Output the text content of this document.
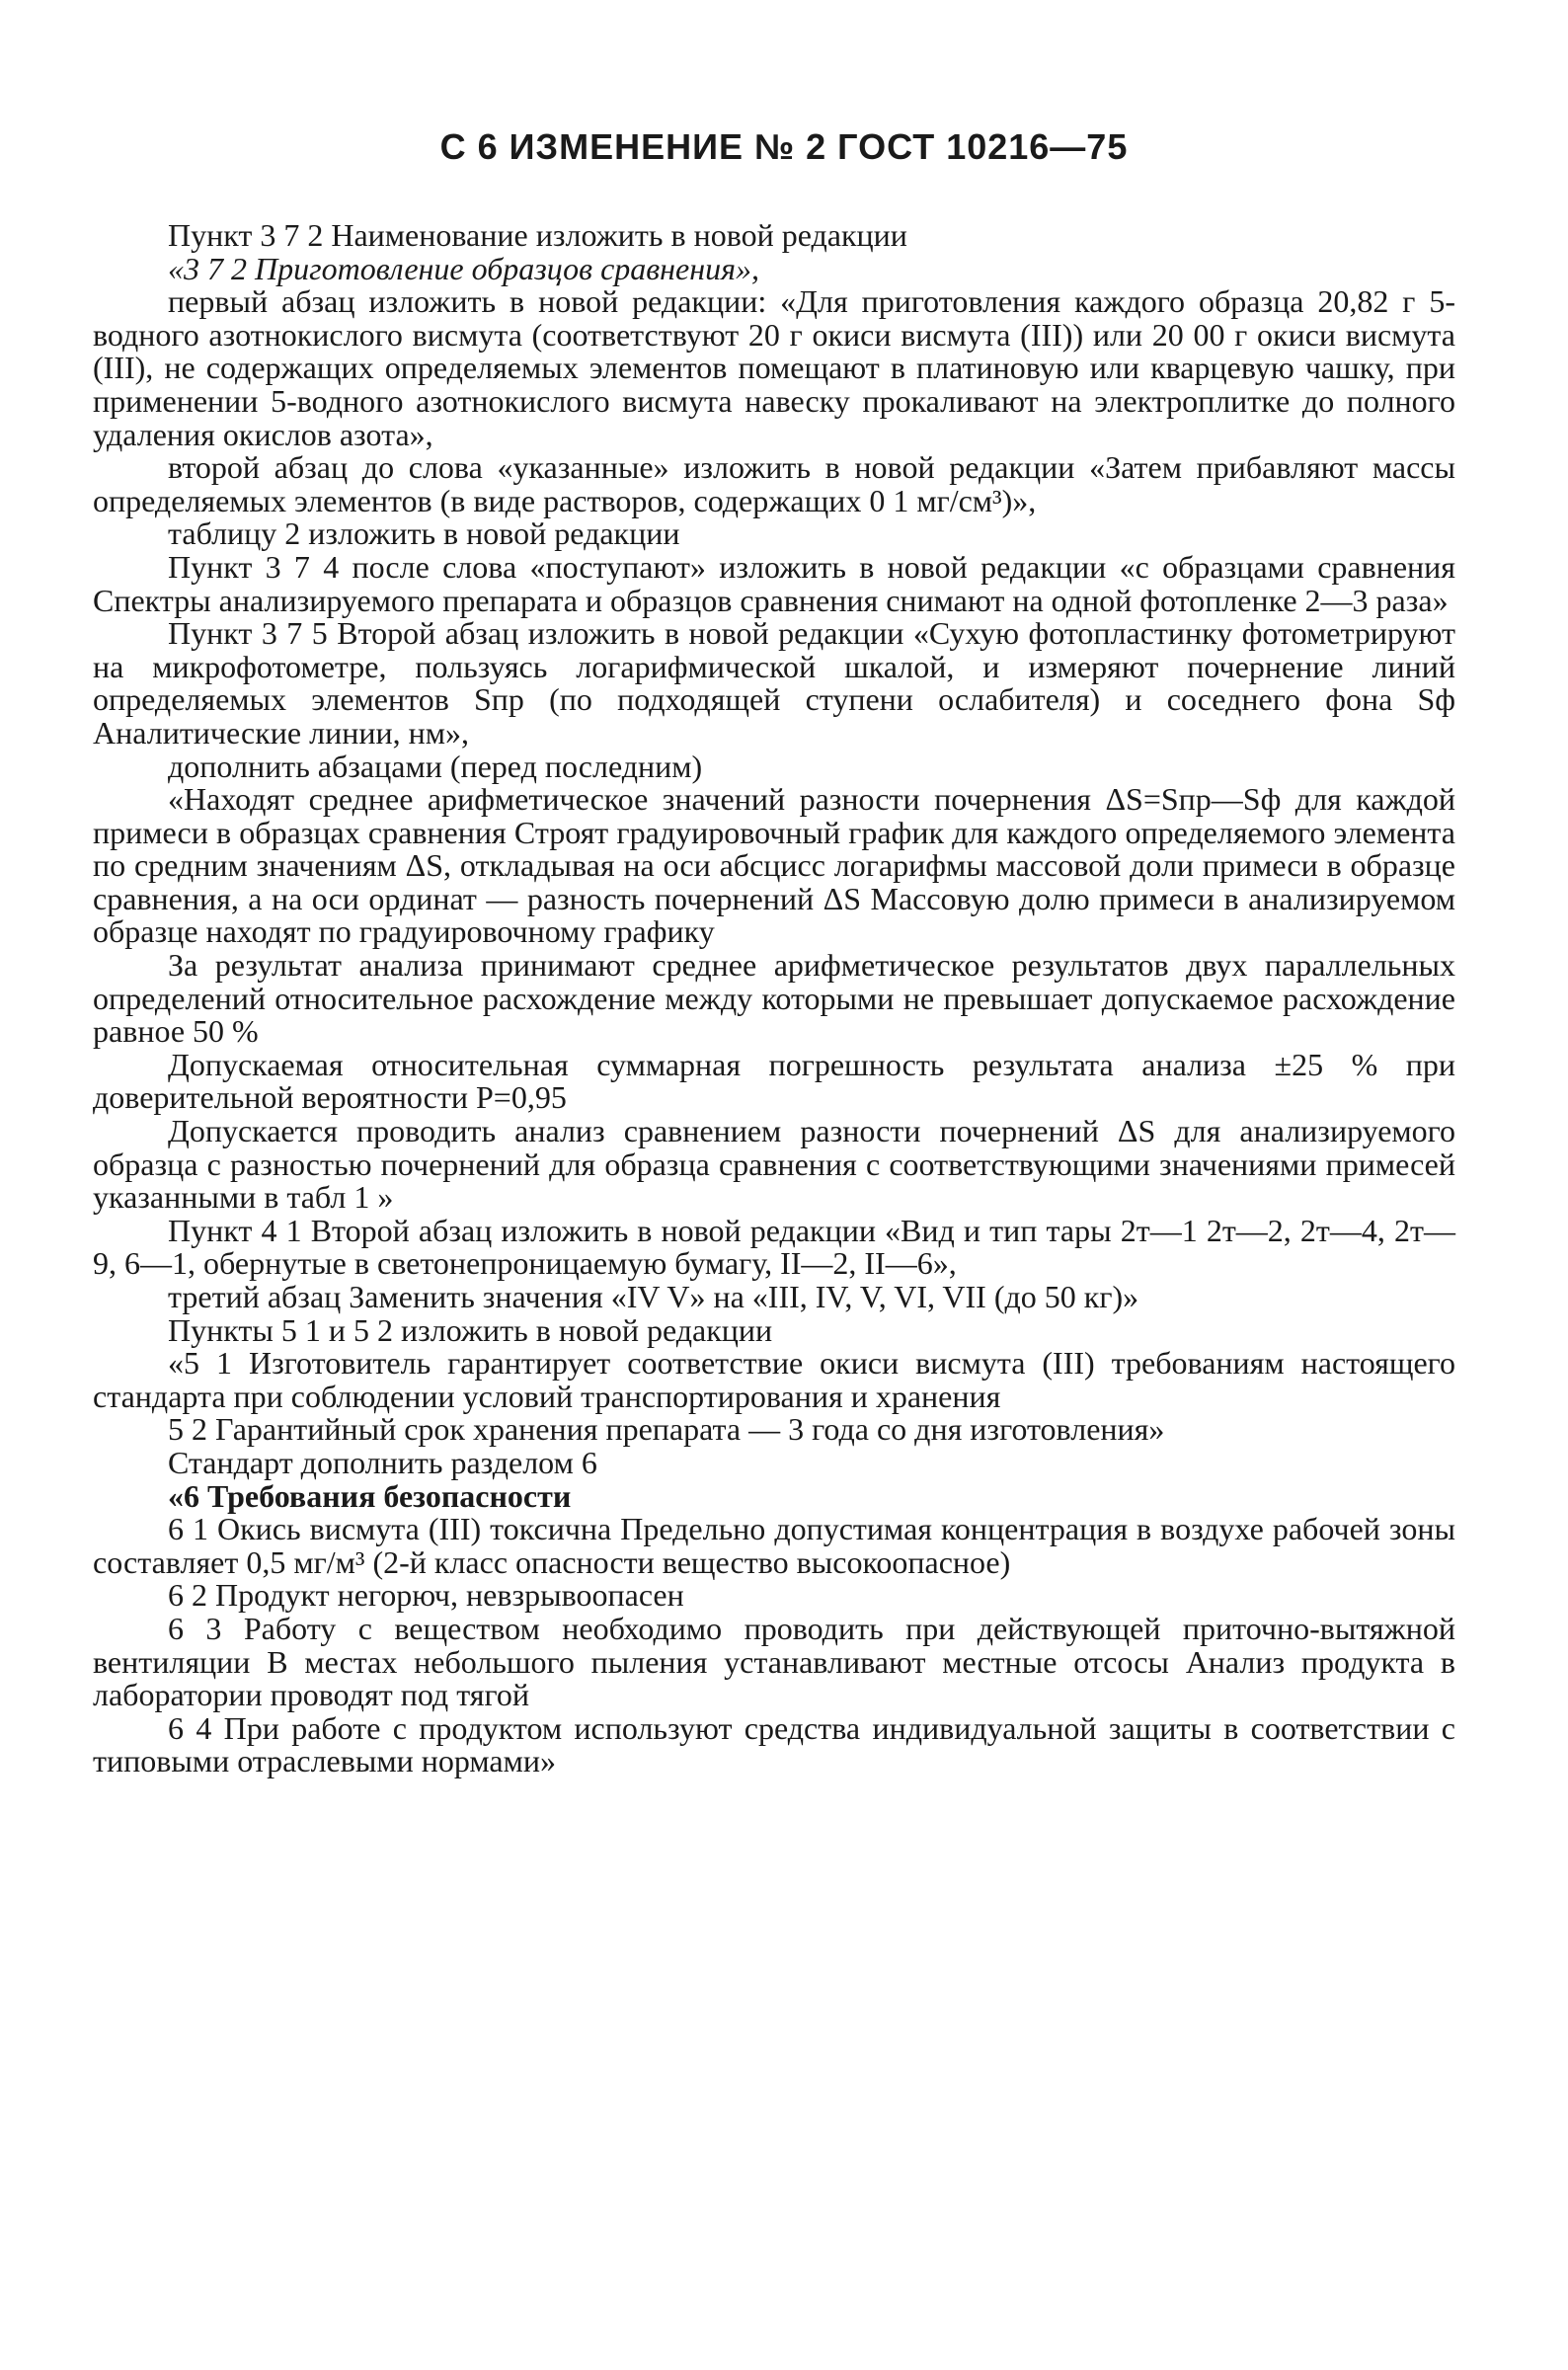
С 6 ИЗМЕНЕНИЕ № 2 ГОСТ 10216—75

Пункт 3 7 2 Наименование изложить в новой редакции

«3 7 2 Приготовление образцов сравнения»,

первый абзац изложить в новой редакции: «Для приготовления каждого образца 20,82 г 5-водного азотнокислого висмута (соответствуют 20 г окиси висмута (III)) или 20 00 г окиси висмута (III), не содержащих определяемых элементов помещают в платиновую или кварцевую чашку, при применении 5-водного азотнокислого висмута навеску прокаливают на электроплитке до полного удаления окислов азота»,

второй абзац до слова «указанные» изложить в новой редакции «Затем прибавляют массы определяемых элементов (в виде растворов, содержащих 0 1 мг/см³)»,

таблицу 2 изложить в новой редакции

Пункт 3 7 4 после слова «поступают» изложить в новой редакции «с образцами сравнения Спектры анализируемого препарата и образцов сравнения снимают на одной фотопленке 2—3 раза»

Пункт 3 7 5 Второй абзац изложить в новой редакции «Сухую фотопластинку фотометрируют на микрофотометре, пользуясь логарифмической шкалой, и измеряют почернение линий определяемых элементов Sпр (по подходящей ступени ослабителя) и соседнего фона Sф Аналитические линии, нм»,

дополнить абзацами (перед последним)

«Находят среднее арифметическое значений разности почернения ΔS=Sпр—Sф для каждой примеси в образцах сравнения Строят градуировочный график для каждого определяемого элемента по средним значениям ΔS, откладывая на оси абсцисс логарифмы массовой доли примеси в образце сравнения, а на оси ординат — разность почернений ΔS Массовую долю примеси в анализируемом образце находят по градуировочному графику

За результат анализа принимают среднее арифметическое результатов двух параллельных определений относительное расхождение между которыми не превышает допускаемое расхождение равное 50 %

Допускаемая относительная суммарная погрешность результата анализа ±25 % при доверительной вероятности P=0,95

Допускается проводить анализ сравнением разности почернений ΔS для анализируемого образца с разностью почернений для образца сравнения с соответствующими значениями примесей указанными в табл 1 »

Пункт 4 1 Второй абзац изложить в новой редакции «Вид и тип тары 2т—1 2т—2, 2т—4, 2т—9, 6—1, обернутые в светонепроницаемую бумагу, II—2, II—6»,

третий абзац Заменить значения «IV V» на «III, IV, V, VI, VII (до 50 кг)»

Пункты 5 1 и 5 2 изложить в новой редакции

«5 1 Изготовитель гарантирует соответствие окиси висмута (III) требованиям настоящего стандарта при соблюдении условий транспортирования и хранения

5 2 Гарантийный срок хранения препарата — 3 года со дня изготовления»

Стандарт дополнить разделом 6

«6 Требования безопасности

6 1 Окись висмута (III) токсична Предельно допустимая концентрация в воздухе рабочей зоны составляет 0,5 мг/м³ (2-й класс опасности вещество высокоопасное)

6 2 Продукт негорюч, невзрывоопасен

6 3 Работу с веществом необходимо проводить при действующей приточно-вытяжной вентиляции В местах небольшого пыления устанавливают местные отсосы Анализ продукта в лаборатории проводят под тягой

6 4 При работе с продуктом используют средства индивидуальной защиты в соответствии с типовыми отраслевыми нормами»
